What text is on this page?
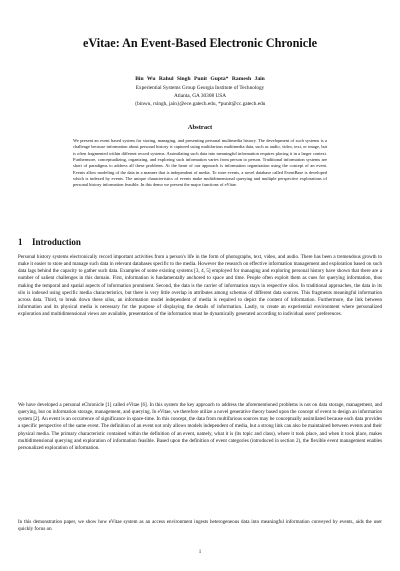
eVitae: An Event-Based Electronic Chronicle
Bin Wu Rahul Singh Punit Gupta* Ramesh Jain
Experiential Systems Group Georgia Institute of Technology
Atlanta, GA 30308 USA
{binwu, rsingh, jain}@ece.gatech.edu, *punit@cc.gatech.edu
Abstract
We present an event based system for storing, managing, and presenting personal multimedia history. The development of such systems is a challenge because information about personal history is captured using multifarious multimedia data, such as audio, video, text, or image, but is often fragmented within different record systems. Assimilating such data into meaningful information requires placing it in a larger context. Furthermore, conceptualizing, organizing, and exploring such information varies from person to person. Traditional information systems are short of paradigms to address all these problems. At the heart of our approach is information organization using the concept of an event. Events allow modeling of the data in a manner that is independent of media. To store events, a novel database called EventBase is developed which is indexed by events. The unique characteristics of events make multidimensional querying and multiple perspective explorations of personal history information feasible. In this demo we present the major functions of eVitae.
1 Introduction

Personal history systems electronically record important activities from a person's life in the form of photographs, text, video, and audio. There has been a tremendous growth to make it easier to store and manage such data in relevant databases specific to the media. However the research on effective information management and exploration based on such data lags behind the capacity to gather such data. Examples of some existing systems [3, 4, 5] employed for managing and exploring personal history have shown that there are a number of salient challenges in this domain. First, information is fundamentally anchored to space and time. People often exploit them as cues for querying information, thus making the temporal and spatial aspects of information prominent. Second, the data is the carrier of information stays in respective silos. In traditional approaches, the data in its silo is indexed using specific media characteristics, but there is very little overlap in attributes among schemas of different data sources. This fragments meaningful information across data. Third, to break down these silos, an information model independent of media is required to depict the content of information. Furthermore, the link between information and its physical media is necessary for the purpose of displaying the details of information. Lastly, to create an experiential environment where personalized exploration and multidimensional views are available, presentation of the information must be dynamically generated according to individual users' preferences.

We have developed a personal eChronicle [1] called eVitae [6]. In this system the key approach to address the aforementioned problems is not on data storage, management, and querying, but on information storage, management, and querying. In eVitae, we therefore utilize a novel generative theory based upon the concept of event to design an information system [2]. An event is an occurrence of significance in space-time. In this concept, the data from multifarious sources may be conceptually assimilated because each data provides a specific perspective of the same event. The definition of an event not only allows models independent of media, but a strong link can also be maintained between events and their physical media. The primary characteristic contained within the definition of an event, namely, what it is (its topic and class), where it took place, and when it took place, makes multidimensional querying and exploration of information feasible. Based upon the definition of event categories (introduced in section 2), the flexible event management enables personalized exploration of information.

In this demonstration paper, we show how eVitae system as an access environment ingests heterogeneous data into meaningful information conveyed by events, aids the user quickly focus on

1
